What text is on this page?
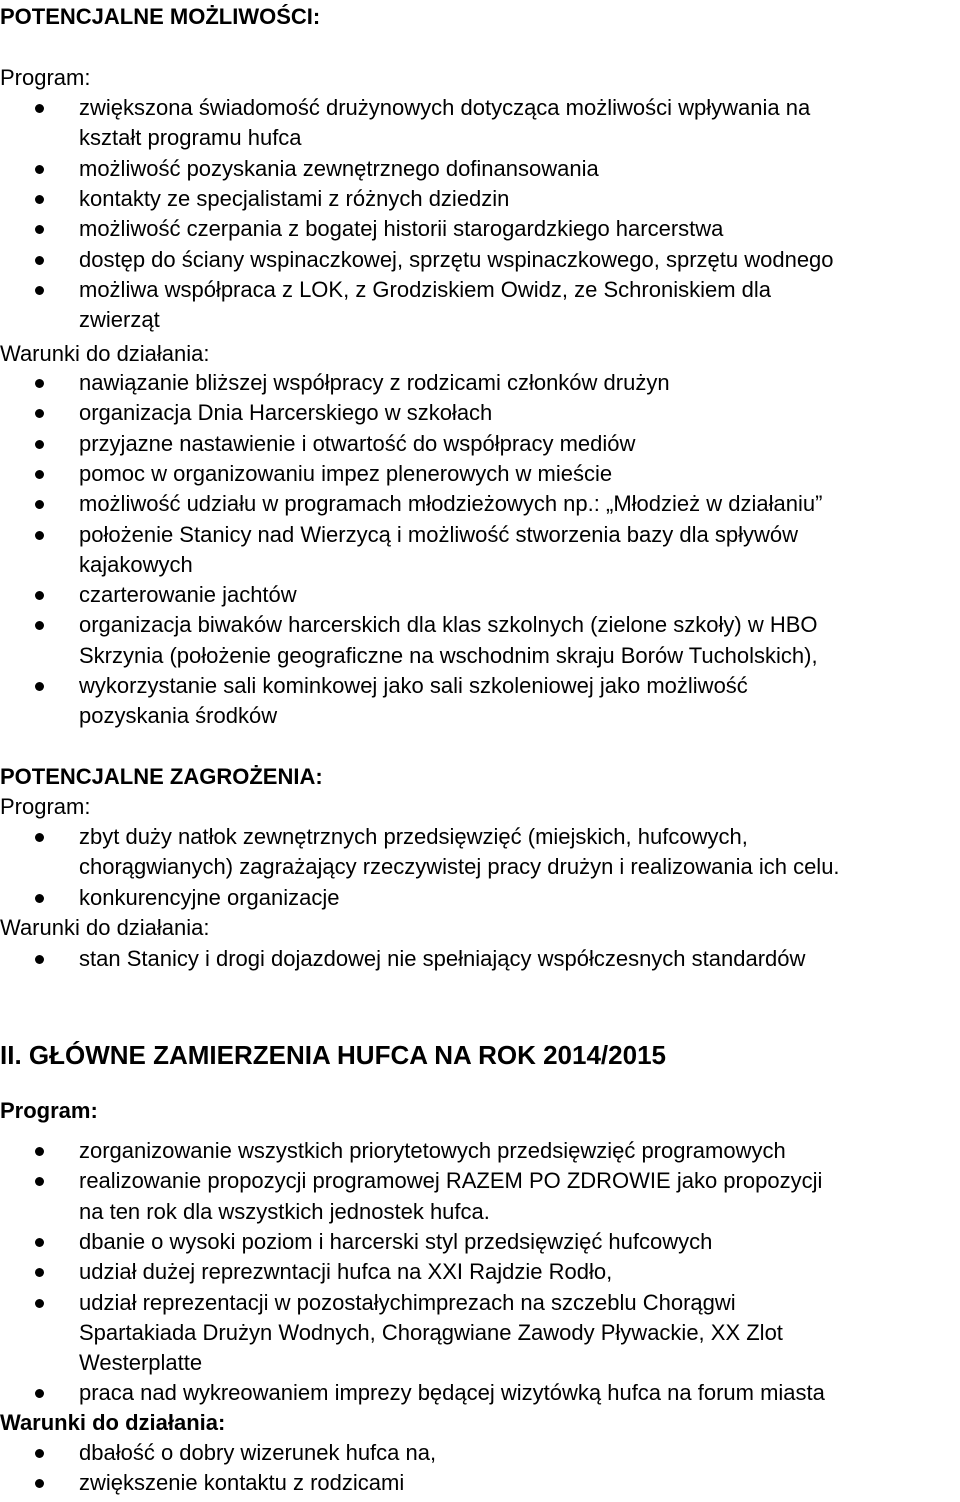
POTENCJALNE MOŻLIWOŚCI:

Program:

zwiększona świadomość drużynowych dotycząca możliwości wpływania na

kształt programu hufca

możliwość pozyskania zewnętrznego dofinansowania

kontakty ze specjalistami z różnych dziedzin

możliwość czerpania z bogatej historii starogardzkiego harcerstwa

dostęp do ściany wspinaczkowej, sprzętu wspinaczkowego, sprzętu wodnego

możliwa współpraca z LOK, z Grodziskiem Owidz, ze Schroniskiem dla

zwierząt

Warunki do działania:

nawiązanie bliższej współpracy z rodzicami członków drużyn

organizacja Dnia Harcerskiego w szkołach

przyjazne nastawienie i otwartość do współpracy mediów

pomoc w organizowaniu impez plenerowych w mieście

możliwość udziału w programach młodzieżowych np.: „Młodzież w działaniu”

położenie Stanicy nad Wierzycą i możliwość stworzenia bazy dla spływów

kajakowych

czarterowanie jachtów

organizacja biwaków harcerskich dla klas szkolnych (zielone szkoły) w HBO

Skrzynia (położenie geograficzne na wschodnim skraju Borów Tucholskich),

wykorzystanie sali kominkowej jako sali szkoleniowej jako możliwość

pozyskania środków

POTENCJALNE ZAGROŻENIA:

Program:

zbyt duży natłok zewnętrznych przedsięwzięć (miejskich, hufcowych,

chorągwianych) zagrażający rzeczywistej pracy drużyn i realizowania ich celu.

konkurencyjne organizacje

Warunki do działania:

stan Stanicy i drogi dojazdowej nie spełniający współczesnych standardów

II. GŁÓWNE ZAMIERZENIA HUFCA NA ROK 2014/2015

Program:

zorganizowanie wszystkich priorytetowych przedsięwzięć programowych

realizowanie propozycji programowej RAZEM PO ZDROWIE jako propozycji

na ten rok dla wszystkich jednostek hufca.

dbanie o wysoki poziom i harcerski styl przedsięwzięć hufcowych

udział dużej reprezwntacji hufca na XXI Rajdzie Rodło,

udział reprezentacji w pozostałychimprezach na szczeblu Chorągwi

Spartakiada Drużyn Wodnych, Chorągwiane Zawody Pływackie, XX Zlot

Westerplatte

praca nad wykreowaniem imprezy będącej wizytówką hufca na forum miasta

Warunki do działania:

dbałość o dobry wizerunek hufca na,

zwiększenie kontaktu z rodzicami
